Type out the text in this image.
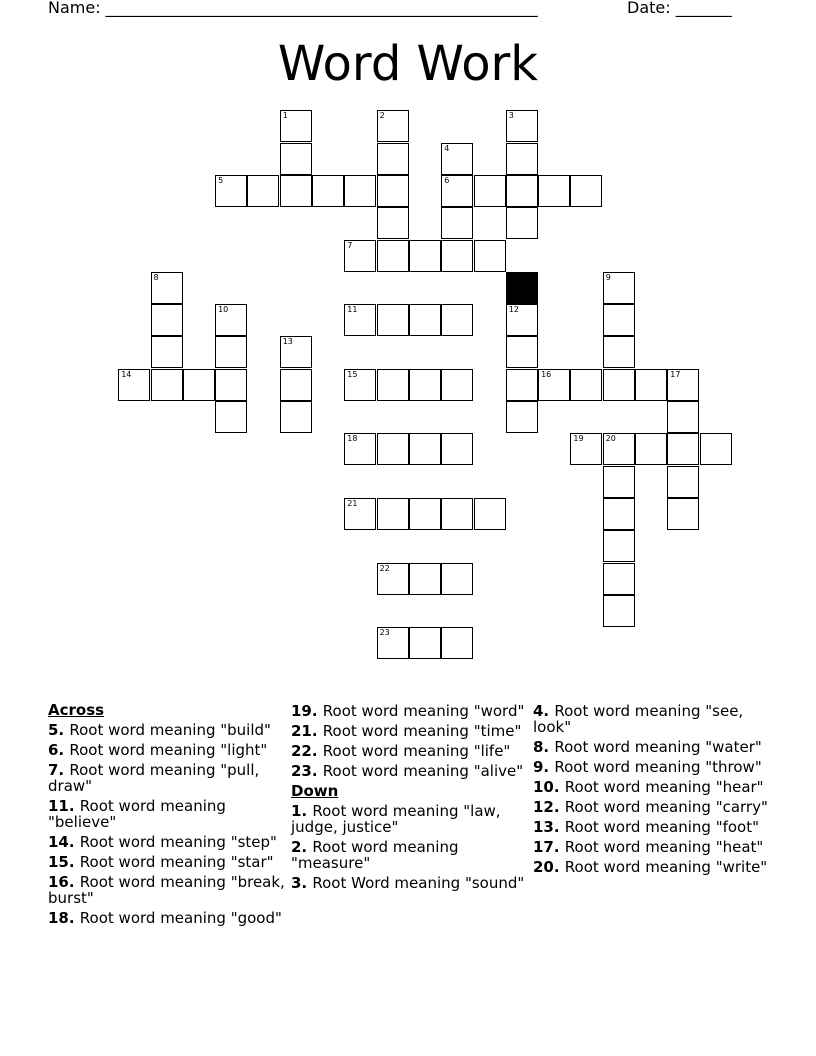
Name: ______________________________________________________	Date: _______
Word Work
5	6
7
11
14	15	16
18	19	20
21
22
23
1	2	3
4
8	9
10	12
13
17
Across
5. Root word meaning "build"
6. Root word meaning "light"
7. Root word meaning "pull, draw"
11. Root word meaning "believe"
14. Root word meaning "step"
15. Root word meaning "star"
16. Root word meaning "break, burst"
18. Root word meaning "good"
19. Root word meaning "word"
21. Root word meaning "time"
22. Root word meaning "life"
23. Root word meaning "alive"
Down
1. Root word meaning "law, judge, justice"
2. Root word meaning "measure"
3. Root Word meaning "sound"
4. Root word meaning "see, look"
8. Root word meaning "water"
9. Root word meaning "throw"
10. Root word meaning "hear"
12. Root word meaning "carry"
13. Root word meaning "foot"
17. Root word meaning "heat"
20. Root word meaning "write"
